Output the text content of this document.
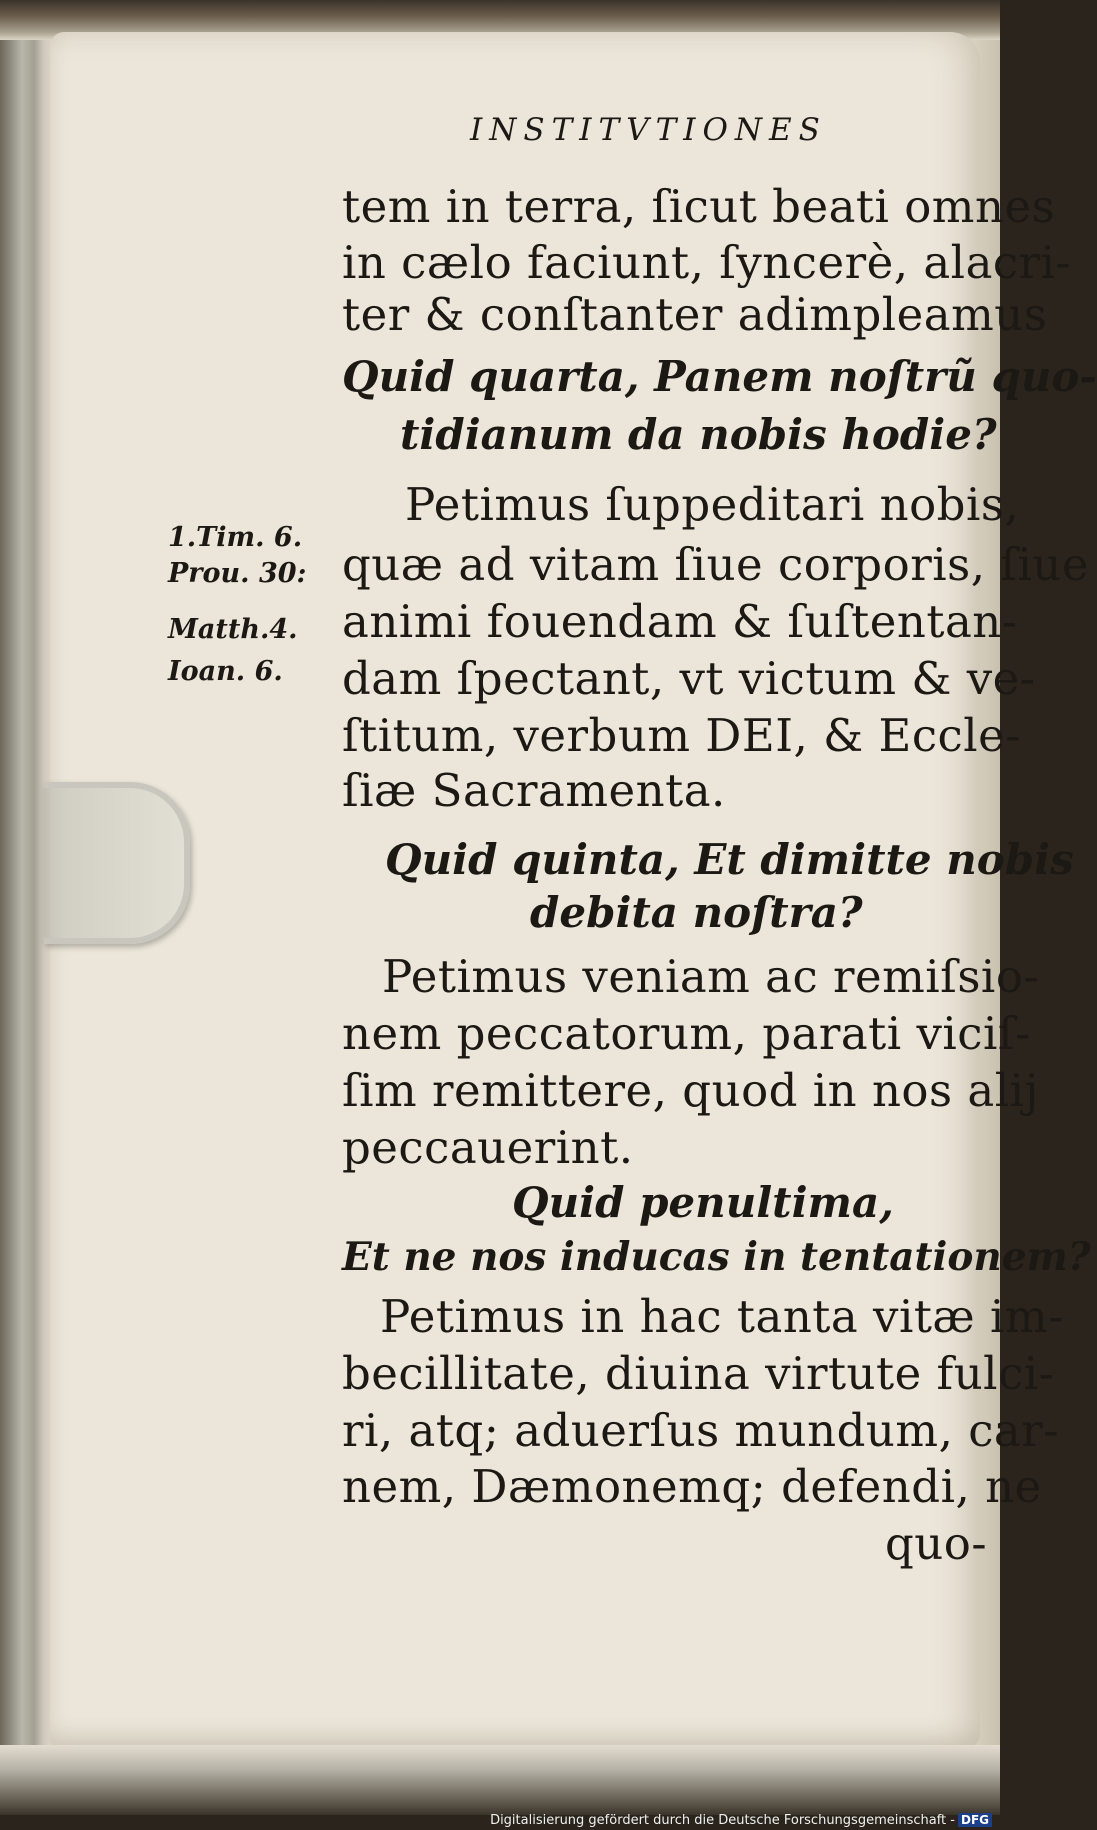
INSTITVTIONES
tem in terra, ſicut beati omnes
in cælo faciunt, ſyncerè, alacri-
ter & conſtanter adimpleamus
Quid quarta, Panem noſtrũ quo-
tidianum da nobis hodie?
Petimus ſuppeditari nobis,
quæ ad vitam ſiue corporis, ſiue
animi fouendam & ſuſtentan-
dam ſpectant, vt victum & ve-
ſtitum, verbum DEI, & Eccle-
ſiæ Sacramenta.
Quid quinta, Et dimitte nobis
debita noſtra?
Petimus veniam ac remiſsio-
nem peccatorum, parati viciſ-
ſim remittere, quod in nos alij
peccauerint.
Quid penultima,
Et ne nos inducas in tentationem?
Petimus in hac tanta vitæ im-
becillitate, diuina virtute fulci-
ri, atq; aduerſus mundum, car-
nem, Dæmonemq; defendi, ne
quo-
1.Tim. 6.
Prou. 30:
Matth.4.
Ioan. 6.
Digitalisierung gefördert durch die Deutsche Forschungsgemeinschaft - DFG
